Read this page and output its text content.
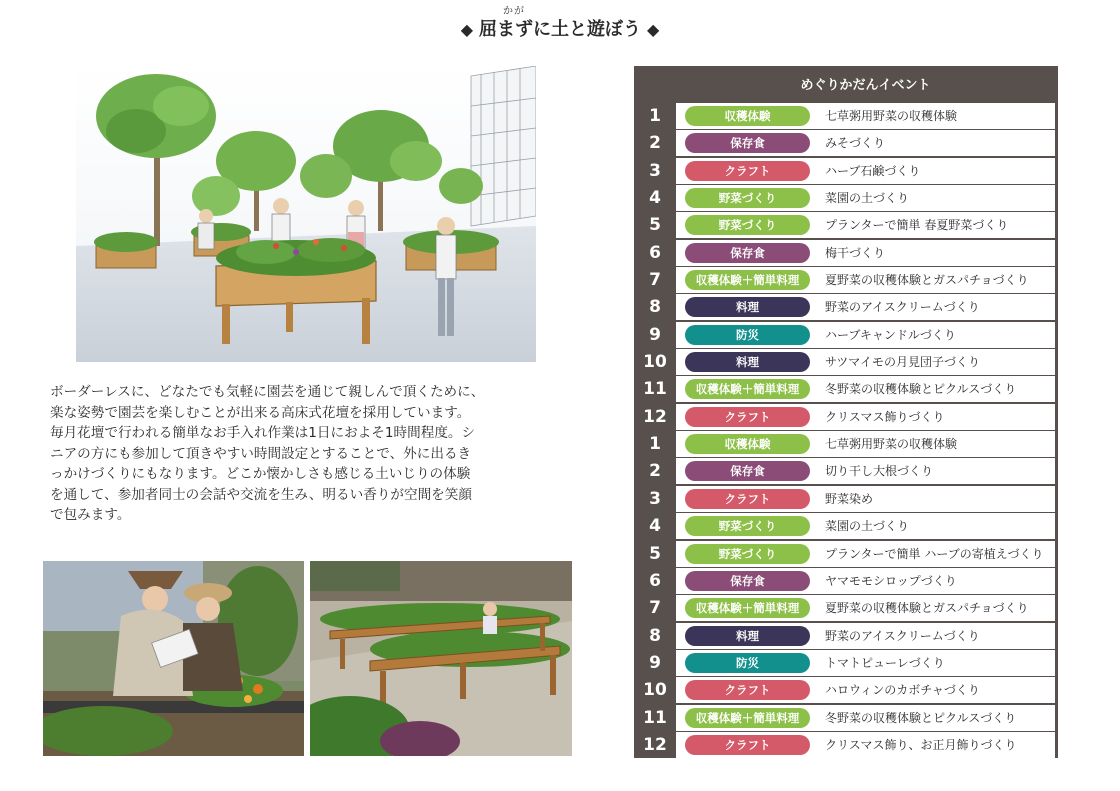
かが
◆ 屈まずに土と遊ぼう ◆
ボーダーレスに、どなたでも気軽に園芸を通じて親しんで頂くために、
楽な姿勢で園芸を楽しむことが出来る高床式花壇を採用しています。
毎月花壇で行われる簡単なお手入れ作業は1日におよそ1時間程度。シ
ニアの方にも参加して頂きやすい時間設定とすることで、外に出るき
っかけづくりにもなります。どこか懐かしさも感じる土いじりの体験
を通して、参加者同士の会話や交流を生み、明るい香りが空間を笑顔
で包みます。
めぐりかだんイベント
1	収穫体験	七草粥用野菜の収穫体験
2	保存食	みそづくり
3	クラフト	ハーブ石鹸づくり
4	野菜づくり	菜園の土づくり
5	野菜づくり	プランターで簡単 春夏野菜づくり
6	保存食	梅干づくり
7	収穫体験＋簡単料理	夏野菜の収穫体験とガスパチョづくり
8	料理	野菜のアイスクリームづくり
9	防災	ハーブキャンドルづくり
10	料理	サツマイモの月見団子づくり
11	収穫体験＋簡単料理	冬野菜の収穫体験とピクルスづくり
12	クラフト	クリスマス飾りづくり
1	収穫体験	七草粥用野菜の収穫体験
2	保存食	切り干し大根づくり
3	クラフト	野菜染め
4	野菜づくり	菜園の土づくり
5	野菜づくり	プランターで簡単 ハーブの寄植えづくり
6	保存食	ヤマモモシロップづくり
7	収穫体験＋簡単料理	夏野菜の収穫体験とガスパチョづくり
8	料理	野菜のアイスクリームづくり
9	防災	トマトピューレづくり
10	クラフト	ハロウィンのカボチャづくり
11	収穫体験＋簡単料理	冬野菜の収穫体験とピクルスづくり
12	クラフト	クリスマス飾り、お正月飾りづくり
